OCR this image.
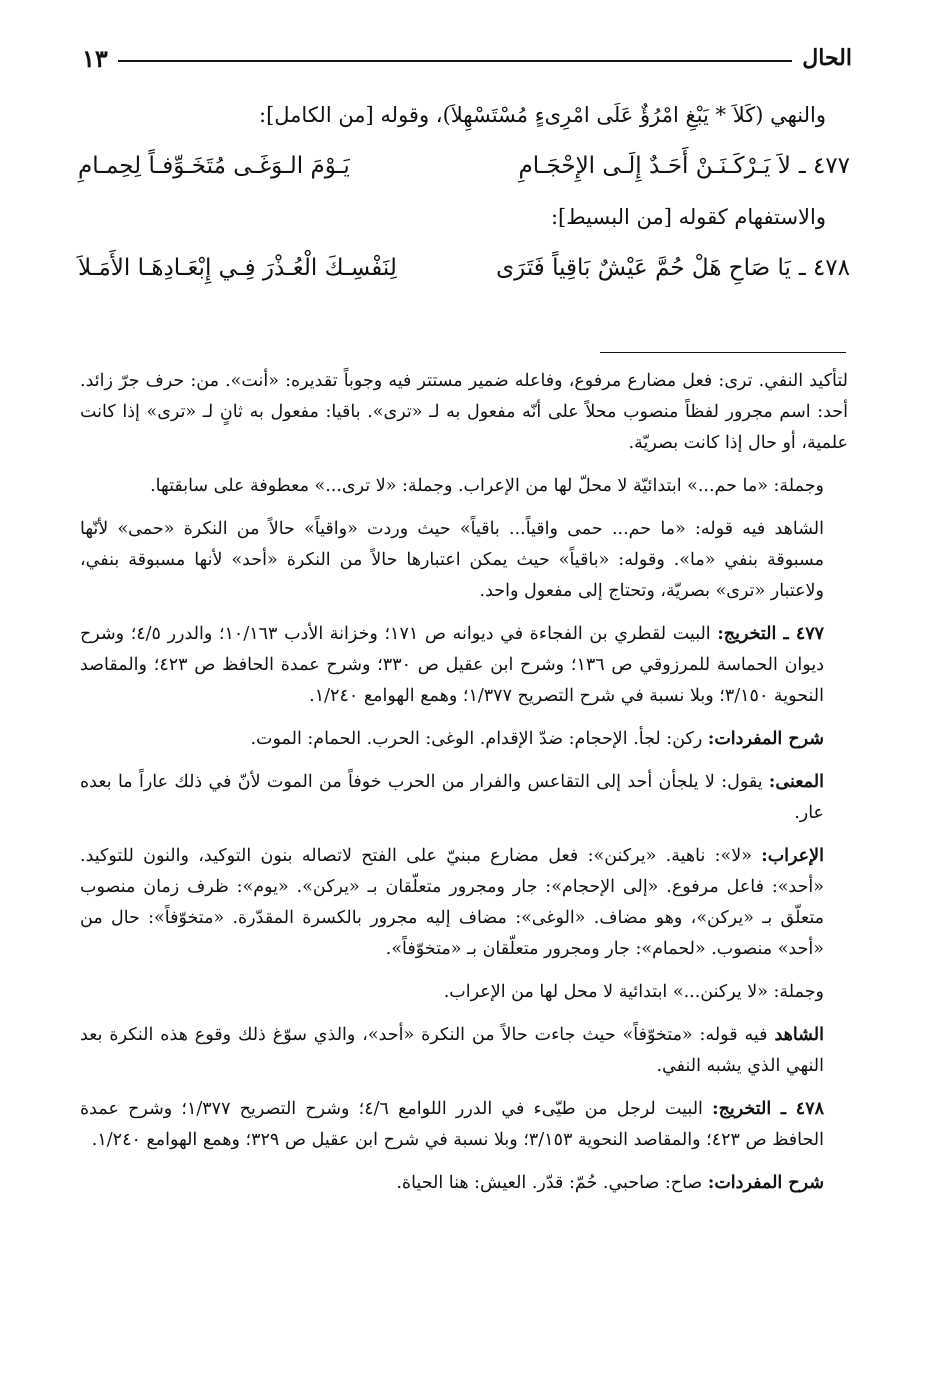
الحال
١٣

والنهي (كَلاَ * يَبْغِ امْرُؤٌ عَلَى امْرِىءٍ مُسْتَسْهِلاَ)، وقوله [من الكامل]:

٤٧٧ ـ
لاَ يَـرْكَـنَـنْ أَحَـدٌ إِلَـى الإِحْجَـامِ
يَـوْمَ الـوَغَـى مُتَخَـوِّفـاً لِحِمـامِ

والاستفهام كقوله [من البسيط]:

٤٧٨ ـ
يَا صَاحِ هَلْ حُمَّ عَيْشٌ بَاقِياً فَتَرَى
لِنَفْسِـكَ الْعُـذْرَ فِـي إِبْعَـادِهَـا الأَمَـلاَ

لتأكيد النفي. ترى: فعل مضارع مرفوع، وفاعله ضمير مستتر فيه وجوباً تقديره: «أنت». من: حرف جرّ زائد. أحد: اسم مجرور لفظاً منصوب محلاً على أنّه مفعول به لـ «ترى». باقيا: مفعول به ثانٍ لـ «ترى» إذا كانت علمية، أو حال إذا كانت بصريّة.

وجملة: «ما حم...» ابتدائيّة لا محلّ لها من الإعراب. وجملة: «لا ترى...» معطوفة على سابقتها.

الشاهد فيه قوله: «ما حم... حمى واقياً... باقياً» حيث وردت «واقياً» حالاً من النكرة «حمى» لأنّها مسبوقة بنفي «ما». وقوله: «باقياً» حيث يمكن اعتبارها حالاً من النكرة «أحد» لأنها مسبوقة بنفي، ولاعتبار «ترى» بصريّة، وتحتاج إلى مفعول واحد.

٤٧٧ ـ التخريج: البيت لقطري بن الفجاءة في ديوانه ص ١٧١؛ وخزانة الأدب ١٠/١٦٣؛ والدرر ٤/٥؛ وشرح ديوان الحماسة للمرزوقي ص ١٣٦؛ وشرح ابن عقيل ص ٣٣٠؛ وشرح عمدة الحافظ ص ٤٢٣؛ والمقاصد النحوية ٣/١٥٠؛ وبلا نسبة في شرح التصريح ١/٣٧٧؛ وهمع الهوامع ١/٢٤٠.

شرح المفردات: ركن: لجأ. الإحجام: ضدّ الإقدام. الوغى: الحرب. الحمام: الموت.

المعنى: يقول: لا يلجأن أحد إلى التقاعس والفرار من الحرب خوفاً من الموت لأنّ في ذلك عاراً ما بعده عار.

الإعراب: «لا»: ناهية. «يركنن»: فعل مضارع مبنيّ على الفتح لاتصاله بنون التوكيد، والنون للتوكيد. «أحد»: فاعل مرفوع. «إلى الإحجام»: جار ومجرور متعلّقان بـ «يركن». «يوم»: ظرف زمان منصوب متعلّق بـ «يركن»، وهو مضاف. «الوغى»: مضاف إليه مجرور بالكسرة المقدّرة. «متخوّفاً»: حال من «أحد» منصوب. «لحمام»: جار ومجرور متعلّقان بـ «متخوّفاً».

وجملة: «لا يركنن...» ابتدائية لا محل لها من الإعراب.

الشاهد فيه قوله: «متخوّفاً» حيث جاءت حالاً من النكرة «أحد»، والذي سوّغ ذلك وقوع هذه النكرة بعد النهي الذي يشبه النفي.

٤٧٨ ـ التخريج: البيت لرجل من طيّىء في الدرر اللوامع ٤/٦؛ وشرح التصريح ١/٣٧٧؛ وشرح عمدة الحافظ ص ٤٢٣؛ والمقاصد النحوية ٣/١٥٣؛ وبلا نسبة في شرح ابن عقيل ص ٣٢٩؛ وهمع الهوامع ١/٢٤٠.

شرح المفردات: صاح: صاحبي. حُمّ: قدّر. العيش: هنا الحياة.
